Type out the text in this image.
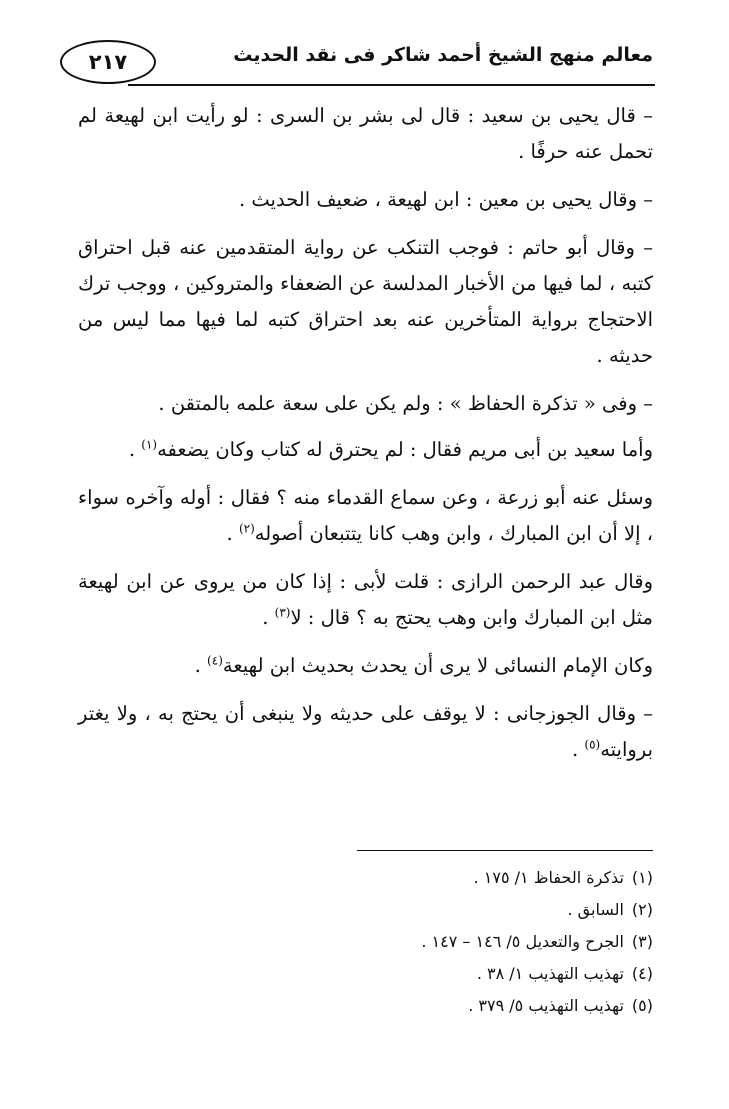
٢١٧	معالم منهج الشيخ أحمد شاكر فى نقد الحديث

– قال يحيى بن سعيد : قال لى بشر بن السرى : لو رأيت ابن لهيعة لم تحمل عنه حرفًا .

– وقال يحيى بن معين : ابن لهيعة ، ضعيف الحديث .

– وقال أبو حاتم : فوجب التنكب عن رواية المتقدمين عنه قبل احتراق كتبه ، لما فيها من الأخبار المدلسة عن الضعفاء والمتروكين ، ووجب ترك الاحتجاج برواية المتأخرين عنه بعد احتراق كتبه لما فيها مما ليس من حديثه .

– وفى « تذكرة الحفاظ » : ولم يكن على سعة علمه بالمتقن .

وأما سعيد بن أبى مريم فقال : لم يحترق له كتاب وكان يضعفه$^{(١)}$ .

وسئل عنه أبو زرعة ، وعن سماع القدماء منه ؟ فقال : أوله وآخره سواء ، إلا أن ابن المبارك ، وابن وهب كانا يتتبعان أصوله$^{(٢)}$ .

وقال عبد الرحمن الرازى : قلت لأبى : إذا كان من يروى عن ابن لهيعة مثل ابن المبارك وابن وهب يحتج به ؟ قال : لا$^{(٣)}$ .

وكان الإمام النسائى لا يرى أن يحدث بحديث ابن لهيعة$^{(٤)}$ .

– وقال الجوزجانى : لا يوقف على حديثه ولا ينبغى أن يحتج به ، ولا يغتر بروايته$^{(٥)}$ .

(١)تذكرة الحفاظ ١/ ١٧٥ .
(٢)السابق .
(٣)الجرح والتعديل ٥/ ١٤٦ – ١٤٧ .
(٤)تهذيب التهذيب ١/ ٣٨ .
(٥)تهذيب التهذيب ٥/ ٣٧٩ .
